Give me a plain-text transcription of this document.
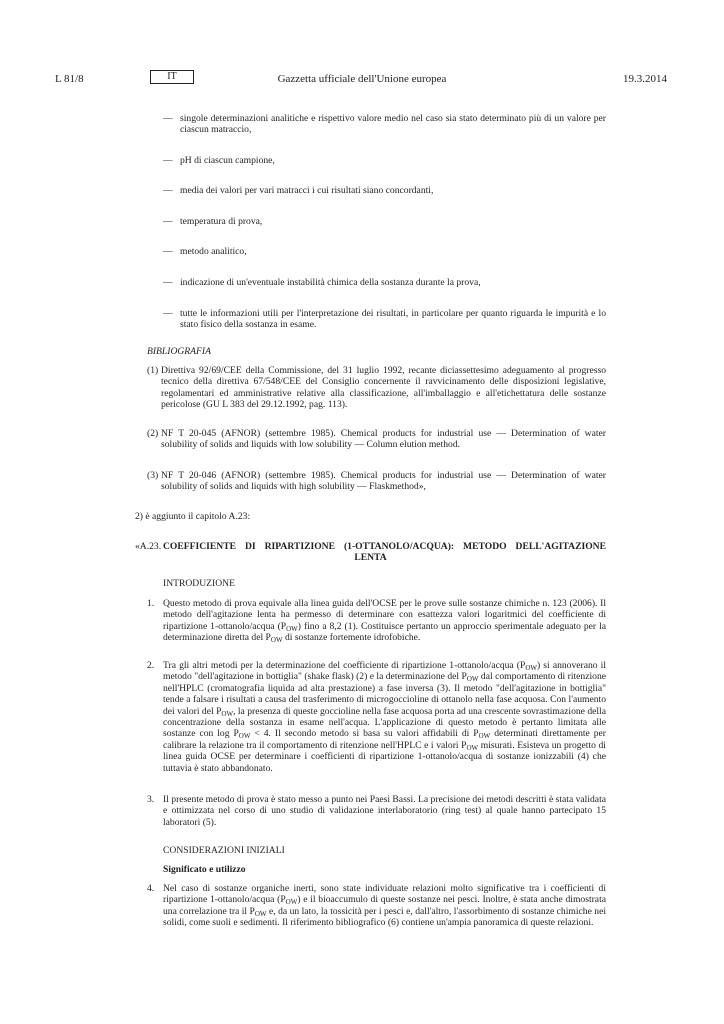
L 81/8	IT	Gazzetta ufficiale dell'Unione europea	19.3.2014
— singole determinazioni analitiche e rispettivo valore medio nel caso sia stato determinato più di un valore per ciascun matraccio,
— pH di ciascun campione,
— media dei valori per vari matracci i cui risultati siano concordanti,
— temperatura di prova,
— metodo analitico,
— indicazione di un'eventuale instabilità chimica della sostanza durante la prova,
— tutte le informazioni utili per l'interpretazione dei risultati, in particolare per quanto riguarda le impurità e lo stato fisico della sostanza in esame.
BIBLIOGRAFIA
(1) Direttiva 92/69/CEE della Commissione, del 31 luglio 1992, recante diciassettesimo adeguamento al progresso tecnico della direttiva 67/548/CEE del Consiglio concernente il ravvicinamento delle disposizioni legislative, regolamentari ed amministrative relative alla classificazione, all'imballaggio e all'etichettatura delle sostanze pericolose (GU L 383 del 29.12.1992, pag. 113).
(2) NF T 20-045 (AFNOR) (settembre 1985). Chemical products for industrial use — Determination of water solubility of solids and liquids with low solubility — Column elution method.
(3) NF T 20-046 (AFNOR) (settembre 1985). Chemical products for industrial use — Determination of water solubility of solids and liquids with high solubility — Flaskmethod»,
2) è aggiunto il capitolo A.23:
«A.23. COEFFICIENTE DI RIPARTIZIONE (1-OTTANOLO/ACQUA): METODO DELL'AGITAZIONE
LENTA
INTRODUZIONE
1. Questo metodo di prova equivale alla linea guida dell'OCSE per le prove sulle sostanze chimiche n. 123 (2006). Il metodo dell'agitazione lenta ha permesso di determinare con esattezza valori logaritmici del coefficiente di ripartizione 1-ottanolo/acqua $(P_{OW})$ fino a 8,2 (1). Costituisce pertanto un approccio sperimentale adeguato per la determinazione diretta del $P_{OW}$ di sostanze fortemente idrofobiche.
2. Tra gli altri metodi per la determinazione del coefficiente di ripartizione 1-ottanolo/acqua $(P_{OW})$ si annoverano il metodo "dell'agitazione in bottiglia" (shake flask) (2) e la determinazione del $P_{OW}$ dal comportamento di ritenzione nell'HPLC (cromatografia liquida ad alta prestazione) a fase inversa (3). Il metodo "dell'agitazione in bottiglia" tende a falsare i risultati a causa del trasferimento di microgoccioline di ottanolo nella fase acquosa. Con l'aumento dei valori del $P_{OW}$, la presenza di queste goccioline nella fase acquosa porta ad una crescente sovrastimazione della concentrazione della sostanza in esame nell'acqua. L'applicazione di questo metodo è pertanto limitata alle sostanze con $\log P_{OW} < 4$. Il secondo metodo si basa su valori affidabili di $P_{OW}$ determinati direttamente per calibrare la relazione tra il comportamento di ritenzione nell'HPLC e i valori $P_{OW}$ misurati. Esisteva un progetto di linea guida OCSE per determinare i coefficienti di ripartizione 1-ottanolo/acqua di sostanze ionizzabili (4) che tuttavia è stato abbandonato.
3. Il presente metodo di prova è stato messo a punto nei Paesi Bassi. La precisione dei metodi descritti è stata validata e ottimizzata nel corso di uno studio di validazione interlaboratorio (ring test) al quale hanno partecipato 15 laboratori (5).
CONSIDERAZIONI INIZIALI
Significato e utilizzo
4. Nel caso di sostanze organiche inerti, sono state individuate relazioni molto significative tra i coefficienti di ripartizione 1-ottanolo/acqua $(P_{OW})$ e il bioaccumulo di queste sostanze nei pesci. Inoltre, è stata anche dimostrata una correlazione tra il $P_{OW}$ e, da un lato, la tossicità per i pesci e, dall'altro, l'assorbimento di sostanze chimiche nei solidi, come suoli e sedimenti. Il riferimento bibliografico (6) contiene un'ampia panoramica di queste relazioni.
